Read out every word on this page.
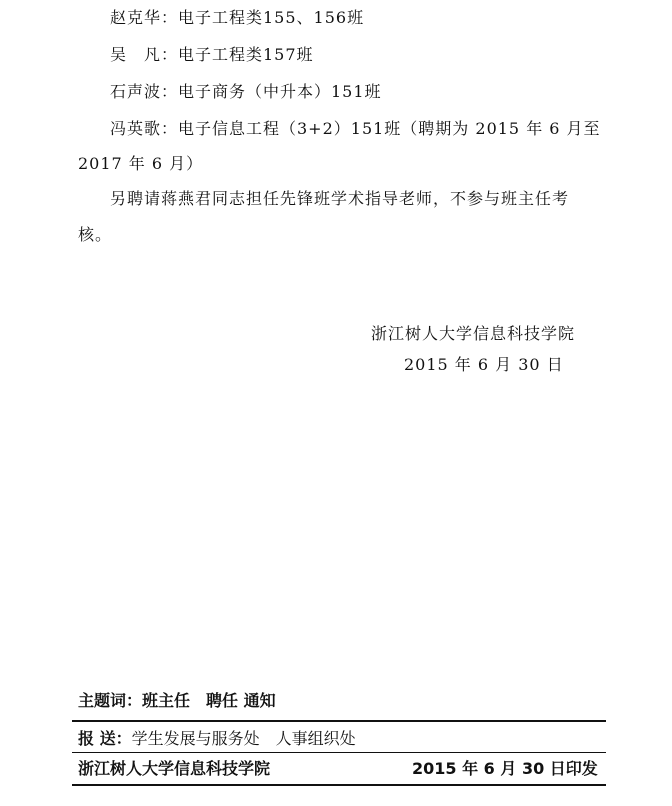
赵克华：电子工程类155、156班
吴　凡：电子工程类157班
石声波：电子商务（中升本）151班
冯英歌：电子信息工程（3+2）151班（聘期为 2015 年 6 月至
2017 年 6 月）
另聘请蒋燕君同志担任先锋班学术指导老师，不参与班主任考
核。
浙江树人大学信息科技学院
2015 年 6 月 30 日
主题词：班主任　聘任 通知
报 送：学生发展与服务处　人事组织处
浙江树人大学信息科技学院	2015 年 6 月 30 日印发
